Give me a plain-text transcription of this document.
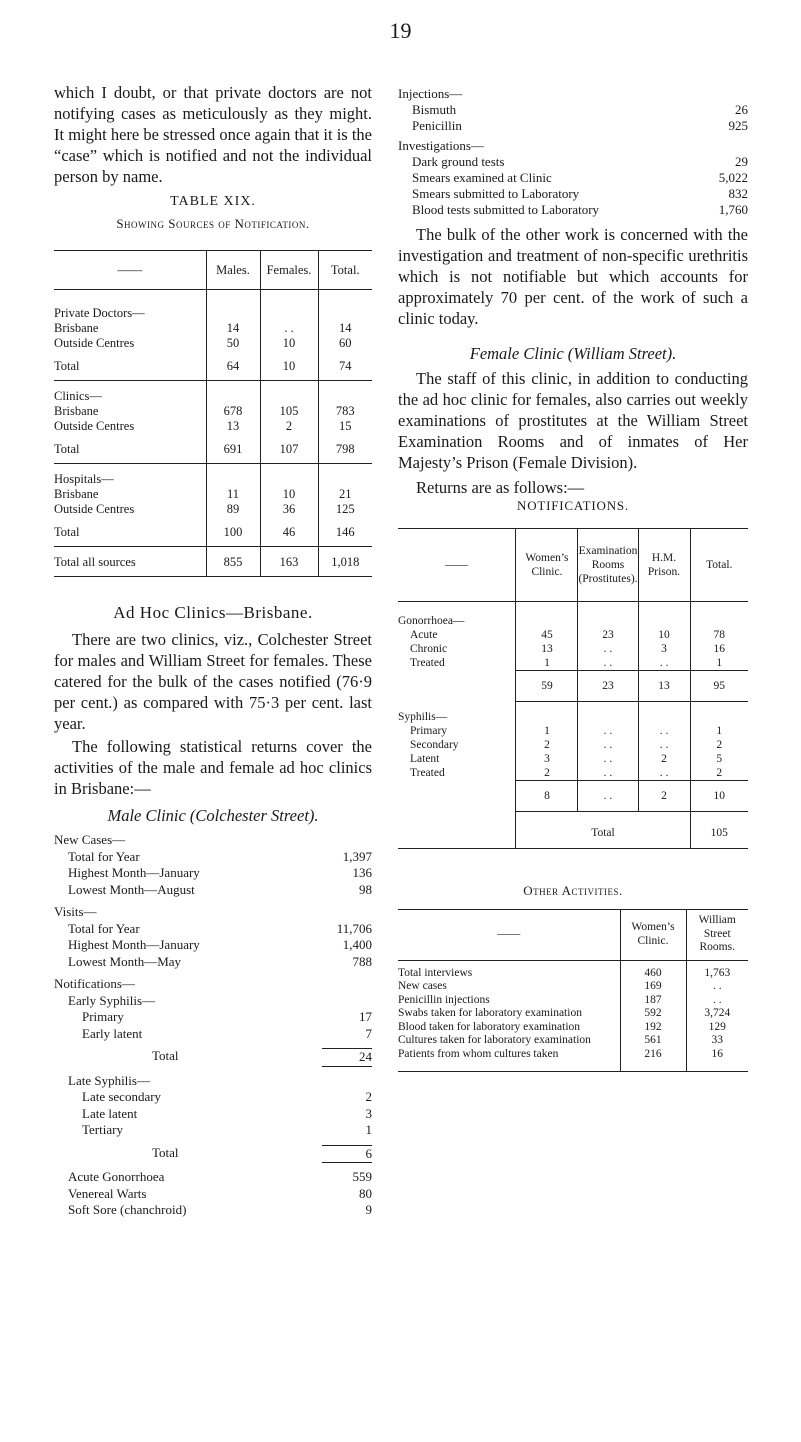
19

which I doubt, or that private doctors are not notifying cases as meticulously as they might. It might here be stressed once again that it is the “case” which is notified and not the individual person by name.

TABLE XIX.
Showing Sources of Notification.
——	Males.	Females.	Total.
Private Doctors—			
Brisbane	14	. .	14
Outside Centres	50	10	60
Total	64	10	74
Clinics—			
Brisbane	678	105	783
Outside Centres	13	2	15
Total	691	107	798
Hospitals—			
Brisbane	11	10	21
Outside Centres	89	36	125
Total	100	46	146
Total all sources	855	163	1,018
Ad Hoc Clinics—Brisbane.

There are two clinics, viz., Colchester Street for males and William Street for females. These catered for the bulk of the cases notified (76·9 per cent.) as compared with 75·3 per cent. last year.

The following statistical returns cover the activities of the male and female ad hoc clinics in Brisbane:—

Male Clinic (Colchester Street).
New Cases—
Total for Year	1,397
Highest Month—January	136
Lowest Month—August	98
Visits—
Total for Year	11,706
Highest Month—January	1,400
Lowest Month—May	788
Notifications—
Early Syphilis—
Primary	17
Early latent	7
Total	24
Late Syphilis—
Late secondary	2
Late latent	3
Tertiary	1
Total	6
Acute Gonorrhoea	559
Venereal Warts	80
Soft Sore (chanchroid)	9
Injections—
Bismuth	26
Penicillin	925
Investigations—
Dark ground tests	29
Smears examined at Clinic	5,022
Smears submitted to Laboratory	832
Blood tests submitted to Laboratory	1,760

The bulk of the other work is concerned with the investigation and treatment of non-specific urethritis which is not notifiable but which accounts for approximately 70 per cent. of the work of such a clinic today.

Female Clinic (William Street).

The staff of this clinic, in addition to conducting the ad hoc clinic for females, also carries out weekly examinations of prostitutes at the William Street Examination Rooms and of inmates of Her Majesty’s Prison (Female Division).

Returns are as follows:—

NOTIFICATIONS.
——	Women’s Clinic.	Examination Rooms (Prostitutes).	H.M. Prison.	Total.
Gonorrhoea—				
Acute	45	23	10	78
Chronic	13	. .	3	16
Treated	1	. .	. .	1
	59	23	13	95
Syphilis—				
Primary	1	. .	. .	1
Secondary	2	. .	. .	2
Latent	3	. .	2	5
Treated	2	. .	. .	2
	8	. .	2	10
	Total			105
Other Activities.
——	Women’s Clinic.	William Street Rooms.
Total interviews	460	1,763
New cases	169	. .
Penicillin injections	187	. .
Swabs taken for laboratory examination	592	3,724
Blood taken for laboratory examination	192	129
Cultures taken for laboratory examination	561	33
Patients from whom cultures taken	216	16
